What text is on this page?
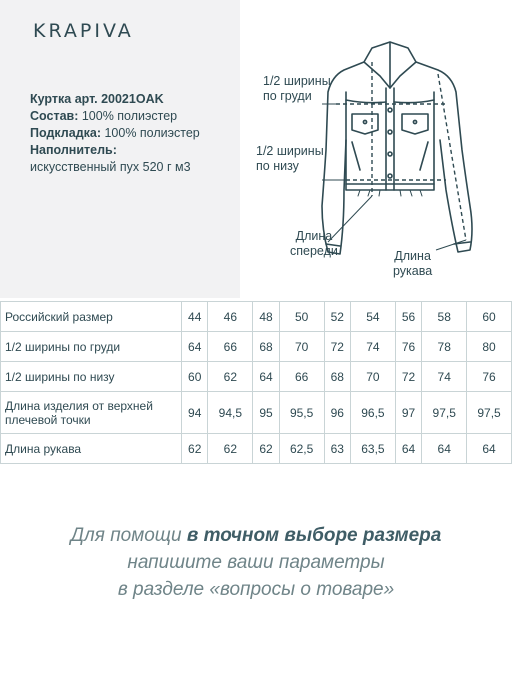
KRAPIVA
Куртка арт. 20021OAK
Состав: 100% полиэстер
Подкладка: 100% полиэстер
Наполнитель:
искусственный пух 520 г м3
1/2 ширины
по груди
1/2 ширины
по низу
Длина
спереди	Длина
рукава
Российский размер	44	46	48	50	52	54	56	58	60
1/2 ширины по груди	64	66	68	70	72	74	76	78	80
1/2 ширины по низу	60	62	64	66	68	70	72	74	76
Длина изделия от верхней плечевой точки	94	94,5	95	95,5	96	96,5	97	97,5	97,5
Длина рукава	62	62	62	62,5	63	63,5	64	64	64
Для помощи в точном выборе размера
напишите ваши параметры
в разделе «вопросы о товаре»
